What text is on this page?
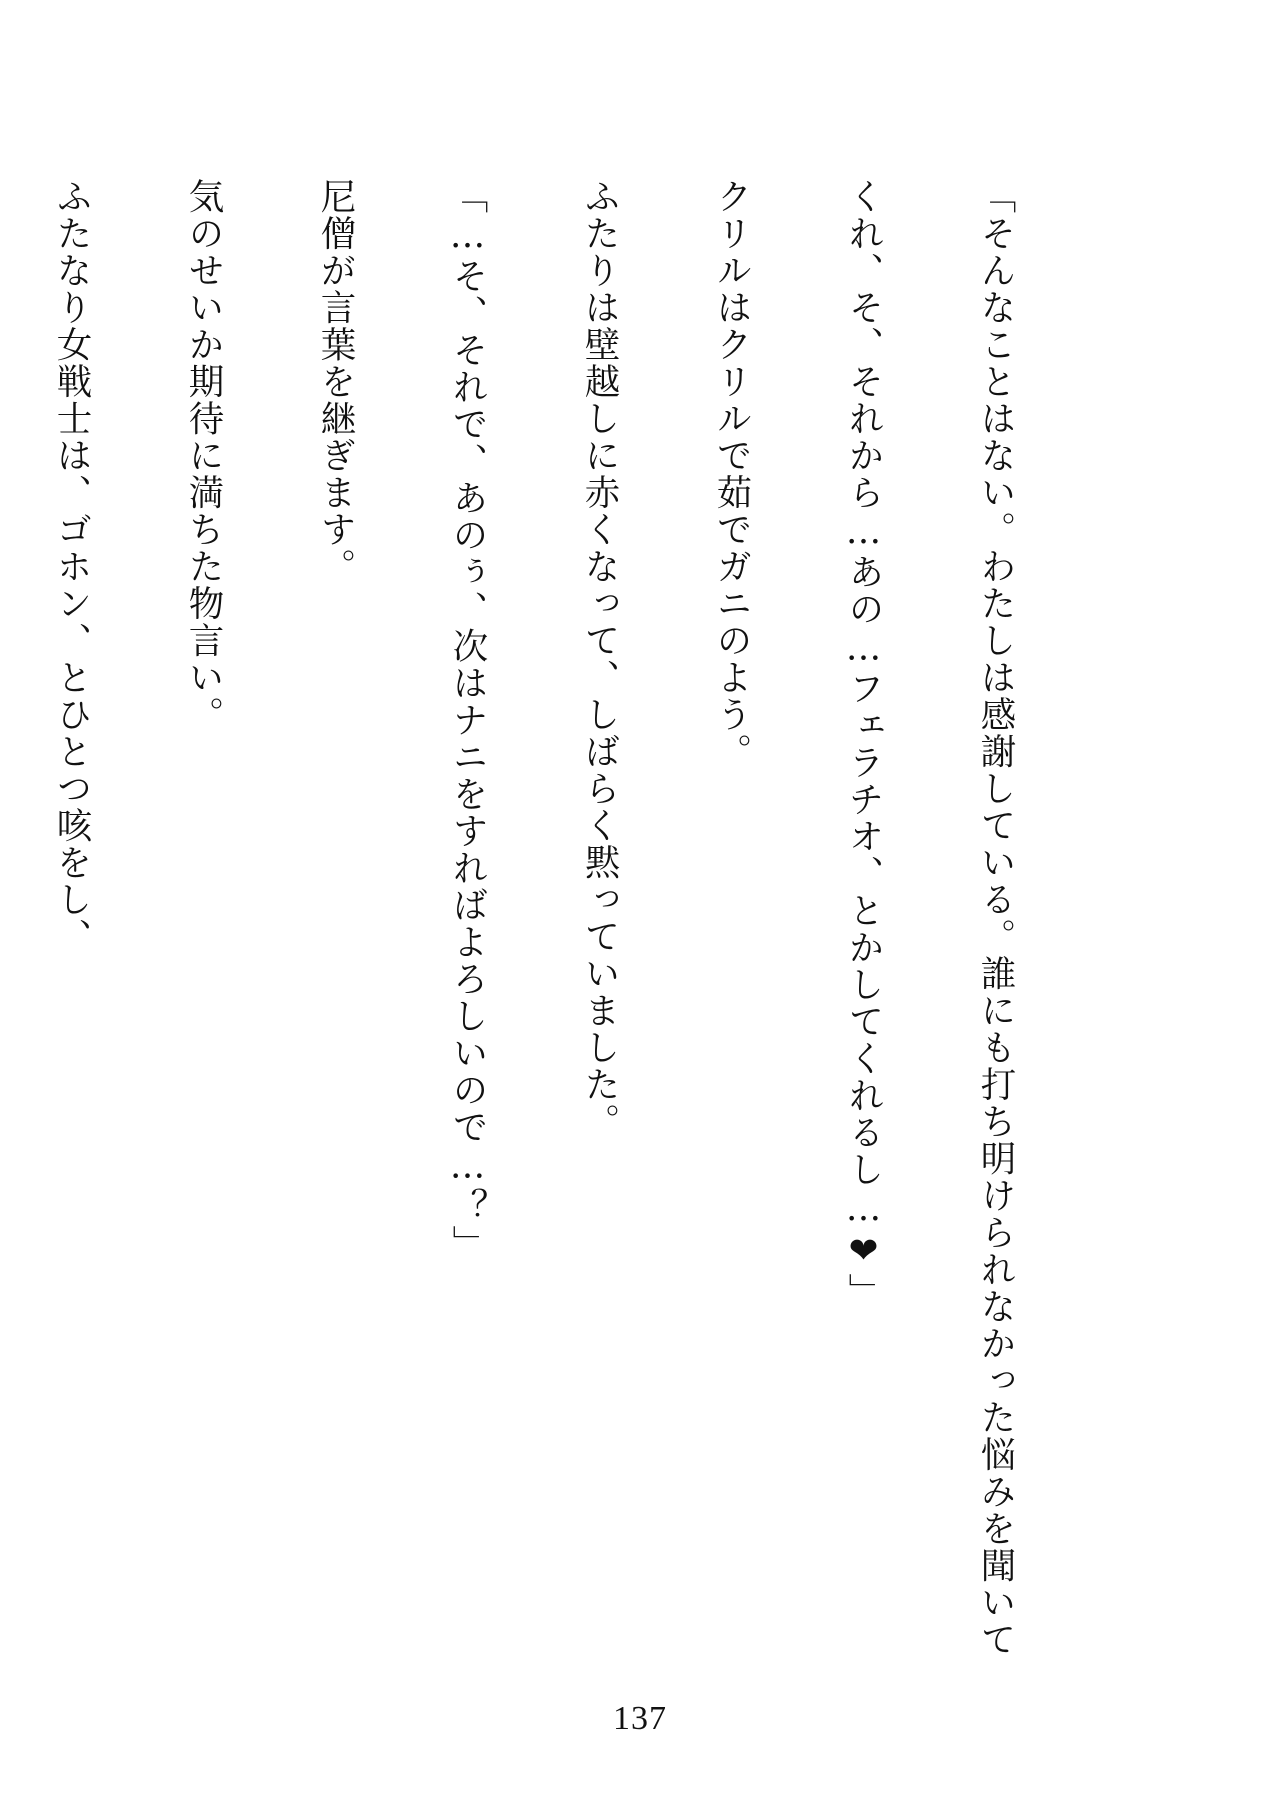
「そんなことはない。わたしは感謝している。誰にも打ち明けられなかった悩みを聞いて

くれ、そ、それから…あの…フェラチオ、とかしてくれるし…❤」

クリルはクリルで茹でガニのよう。

ふたりは壁越しに赤くなって、しばらく黙っていました。

「…そ、それで、あのぅ、次はナニをすればよろしいので…？」

尼僧が言葉を継ぎます。

気のせいか期待に満ちた物言い。

ふたなり女戦士は、ゴホン、とひとつ咳をし、

137
